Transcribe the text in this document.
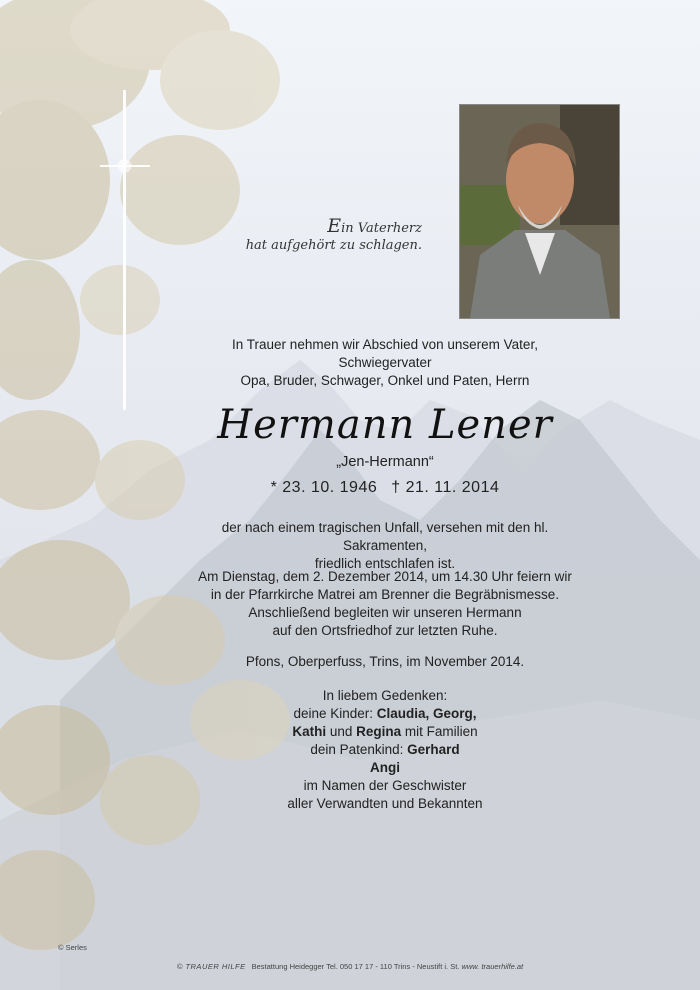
Ein Vaterherz
hat aufgehört zu schlagen.
In Trauer nehmen wir Abschied von unserem Vater, Schwiegervater
Opa, Bruder, Schwager, Onkel und Paten, Herrn
Hermann Lener
„Jen-Hermann“
* 23. 10. 1946 † 21. 11. 2014
der nach einem tragischen Unfall, versehen mit den hl. Sakramenten,
friedlich entschlafen ist.
Am Dienstag, dem 2. Dezember 2014, um 14.30 Uhr feiern wir
in der Pfarrkirche Matrei am Brenner die Begräbnismesse.
Anschließend begleiten wir unseren Hermann
auf den Ortsfriedhof zur letzten Ruhe.
Pfons, Oberperfuss, Trins, im November 2014.
In liebem Gedenken:
deine Kinder: Claudia, Georg,
Kathi und Regina mit Familien
dein Patenkind: Gerhard
Angi
im Namen der Geschwister
aller Verwandten und Bekannten
© Serles
© TRAUER HILFE Bestattung Heidegger Tel. 050 17 17 - 110 Trins - Neustift i. St. www. trauerhilfe.at
